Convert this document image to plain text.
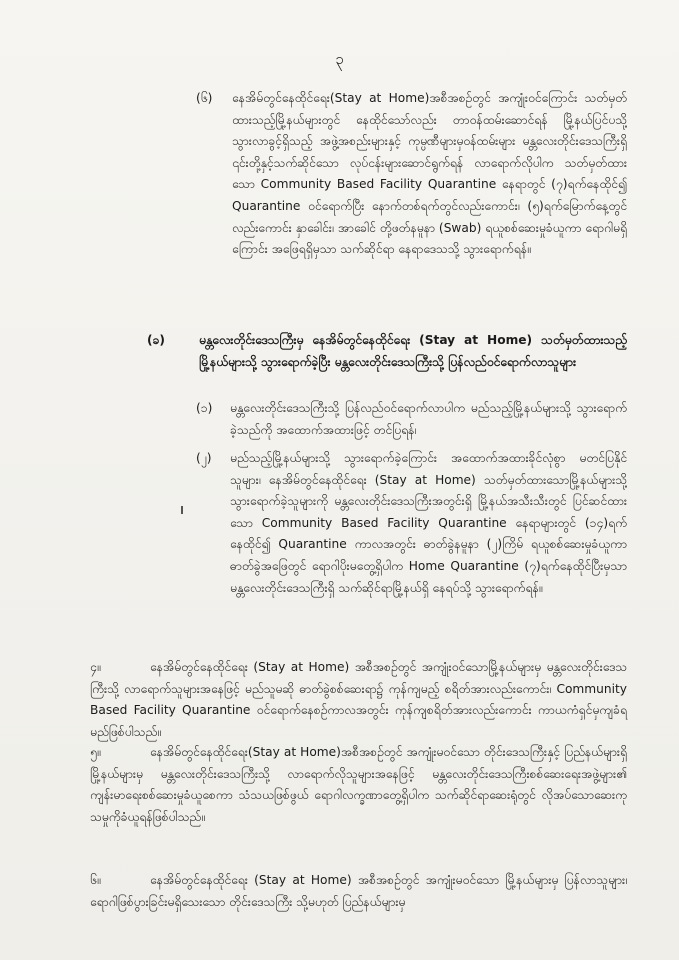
၃
(၆)	နေအိမ်တွင်နေထိုင်ရေး(Stay at Home)အစီအစဉ်တွင် အကျုံးဝင်ကြောင်း သတ်မှတ်ထားသည့်မြို့နယ်များတွင် နေထိုင်သော်လည်း တာဝန်ထမ်းဆောင်ရန် မြို့နယ်ပြင်ပသို့သွားလာခွင့်ရှိသည့် အဖွဲ့အစည်းများနှင့် ကုမ္ပဏီများမှဝန်ထမ်းများ မန္တလေးတိုင်းဒေသကြီးရှိ ၎င်းတို့နှင့်သက်ဆိုင်သော လုပ်ငန်းများဆောင်ရွက်ရန် လာရောက်လိုပါက သတ်မှတ်ထားသော Community Based Facility Quarantine နေရာတွင် (၇)ရက်နေထိုင်၍ Quarantine ဝင်ရောက်ပြီး နောက်တစ်ရက်တွင်လည်းကောင်း၊ (၅)ရက်မြောက်နေ့တွင်လည်းကောင်း နှာခေါင်း၊ အာခေါင် တို့ဖတ်နမူနာ (Swab) ရယူစစ်ဆေးမှုခံယူကာ ရောဂါမရှိကြောင်း အဖြေရရှိမှသာ သက်ဆိုင်ရာ နေရာဒေသသို့ သွားရောက်ရန်။
(ခ)	မန္တလေးတိုင်းဒေသကြီးမှ နေအိမ်တွင်နေထိုင်ရေး (Stay at Home) သတ်မှတ်ထားသည့်မြို့နယ်များသို့ သွားရောက်ခဲ့ပြီး မန္တလေးတိုင်းဒေသကြီးသို့ ပြန်လည်ဝင်ရောက်လာသူများ
(၁)	မန္တလေးတိုင်းဒေသကြီးသို့ ပြန်လည်ဝင်ရောက်လာပါက မည်သည့်မြို့နယ်များသို့ သွားရောက်ခဲ့သည်ကို အထောက်အထားဖြင့် တင်ပြရန်၊
(၂)	မည်သည့်မြို့နယ်များသို့ သွားရောက်ခဲ့ကြောင်း အထောက်အထားခိုင်လုံစွာ မတင်ပြနိုင်သူများ၊ နေအိမ်တွင်နေထိုင်ရေး (Stay at Home) သတ်မှတ်ထားသောမြို့နယ်များသို့ သွားရောက်ခဲ့သူများကို မန္တလေးတိုင်းဒေသကြီးအတွင်းရှိ မြို့နယ်အသီးသီးတွင် ပြင်ဆင်ထားသော Community Based Facility Quarantine နေရာများတွင် (၁၄)ရက် နေထိုင်၍ Quarantine ကာလအတွင်း ဓာတ်ခွဲနမူနာ (၂)ကြိမ် ရယူစစ်ဆေးမှုခံယူကာ ဓာတ်ခွဲအဖြေတွင် ရောဂါပိုးမတွေ့ရှိပါက Home Quarantine (၇)ရက်နေထိုင်ပြီးမှသာ မန္တလေးတိုင်းဒေသကြီးရှိ သက်ဆိုင်ရာမြို့နယ်ရှိ နေရပ်သို့ သွားရောက်ရန်။
၄။	နေအိမ်တွင်နေထိုင်ရေး (Stay at Home) အစီအစဉ်တွင် အကျုံးဝင်သောမြို့နယ်များမှ မန္တလေးတိုင်းဒေသကြီးသို့ လာရောက်သူများအနေဖြင့် မည်သူမဆို ဓာတ်ခွဲစစ်ဆေးရာ၌ ကုန်ကျမည့် စရိတ်အားလည်းကောင်း၊ Community Based Facility Quarantine ဝင်ရောက်နေစဉ်ကာလအတွင်း ကုန်ကျစရိတ်အားလည်းကောင်း ကာယကံရှင်မှကျခံရမည်ဖြစ်ပါသည်။
၅။	နေအိမ်တွင်နေထိုင်ရေး(Stay at Home)အစီအစဉ်တွင် အကျုံးမဝင်သော တိုင်းဒေသကြီးနှင့် ပြည်နယ်များရှိ မြို့နယ်များမှ မန္တလေးတိုင်းဒေသကြီးသို့ လာရောက်လိုသူများအနေဖြင့် မန္တလေးတိုင်းဒေသကြီးစစ်ဆေးရေးအဖွဲ့များ၏ ကျန်းမာရေးစစ်ဆေးမှုခံယူစေကာ သံသယဖြစ်ဖွယ် ရောဂါလက္ခဏာတွေ့ရှိပါက သက်ဆိုင်ရာဆေးရုံတွင် လိုအပ်သောဆေးကုသမှုကိုခံယူရန်ဖြစ်ပါသည်။
၆။	နေအိမ်တွင်နေထိုင်ရေး (Stay at Home) အစီအစဉ်တွင် အကျုံးမဝင်သော မြို့နယ်များမှ ပြန်လာသူများ၊ ရောဂါဖြစ်ပွားခြင်းမရှိသေးသော တိုင်းဒေသကြီး သို့မဟုတ် ပြည်နယ်များမှ
